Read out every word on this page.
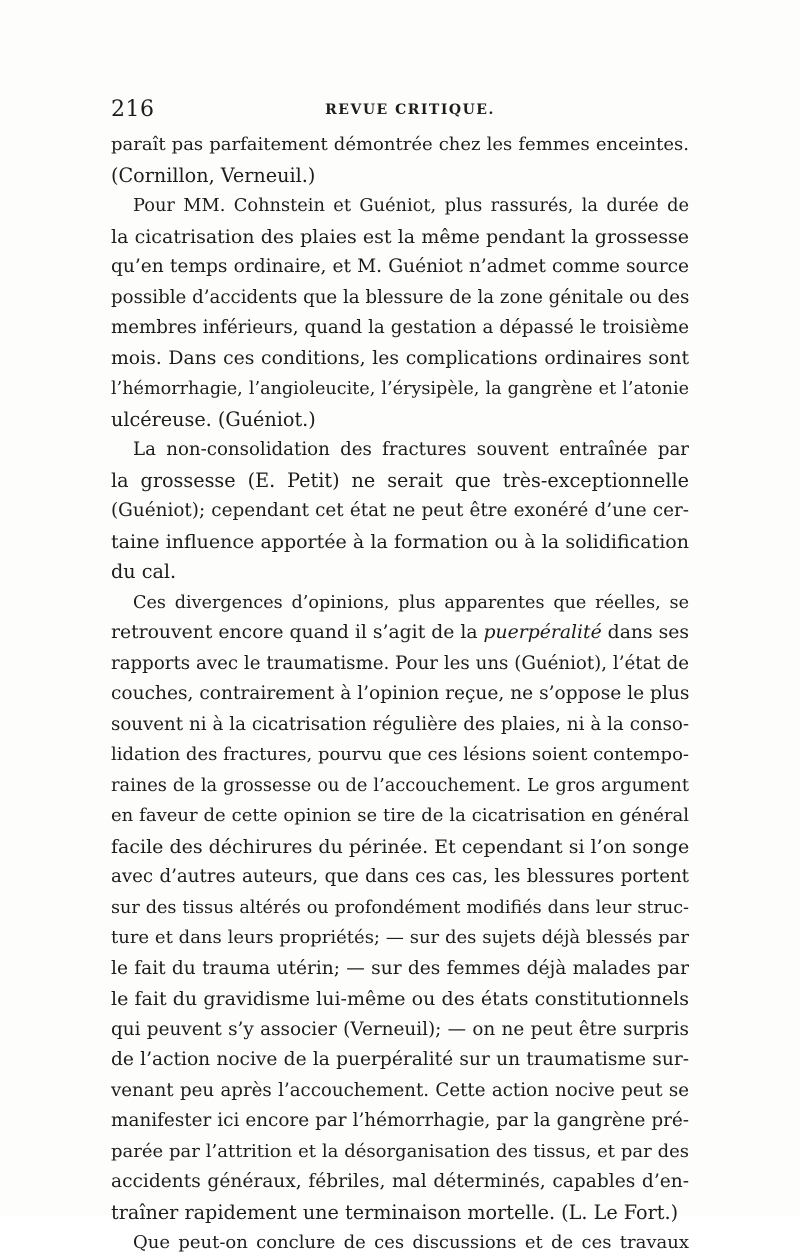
216	REVUE CRITIQUE.
paraît pas parfaitement démontrée chez les femmes enceintes.
(Cornillon, Verneuil.)
Pour MM. Cohnstein et Guéniot, plus rassurés, la durée de
la cicatrisation des plaies est la même pendant la grossesse
qu’en temps ordinaire, et M. Guéniot n’admet comme source
possible d’accidents que la blessure de la zone génitale ou des
membres inférieurs, quand la gestation a dépassé le troisième
mois. Dans ces conditions, les complications ordinaires sont
l’hémorrhagie, l’angioleucite, l’érysipèle, la gangrène et l’atonie
ulcéreuse. (Guéniot.)
La non-consolidation des fractures souvent entraînée par
la grossesse (E. Petit) ne serait que très-exceptionnelle
(Guéniot); cependant cet état ne peut être exonéré d’une cer-
taine influence apportée à la formation ou à la solidification
du cal.
Ces divergences d’opinions, plus apparentes que réelles, se
retrouvent encore quand il s’agit de la puerpéralité dans ses
rapports avec le traumatisme. Pour les uns (Guéniot), l’état de
couches, contrairement à l’opinion reçue, ne s’oppose le plus
souvent ni à la cicatrisation régulière des plaies, ni à la conso-
lidation des fractures, pourvu que ces lésions soient contempo-
raines de la grossesse ou de l’accouchement. Le gros argument
en faveur de cette opinion se tire de la cicatrisation en général
facile des déchirures du périnée. Et cependant si l’on songe
avec d’autres auteurs, que dans ces cas, les blessures portent
sur des tissus altérés ou profondément modifiés dans leur struc-
ture et dans leurs propriétés; — sur des sujets déjà blessés par
le fait du trauma utérin; — sur des femmes déjà malades par
le fait du gravidisme lui-même ou des états constitutionnels
qui peuvent s’y associer (Verneuil); — on ne peut être surpris
de l’action nocive de la puerpéralité sur un traumatisme sur-
venant peu après l’accouchement. Cette action nocive peut se
manifester ici encore par l’hémorrhagie, par la gangrène pré-
parée par l’attrition et la désorganisation des tissus, et par des
accidents généraux, fébriles, mal déterminés, capables d’en-
traîner rapidement une terminaison mortelle. (L. Le Fort.)
Que peut-on conclure de ces discussions et de ces travaux
